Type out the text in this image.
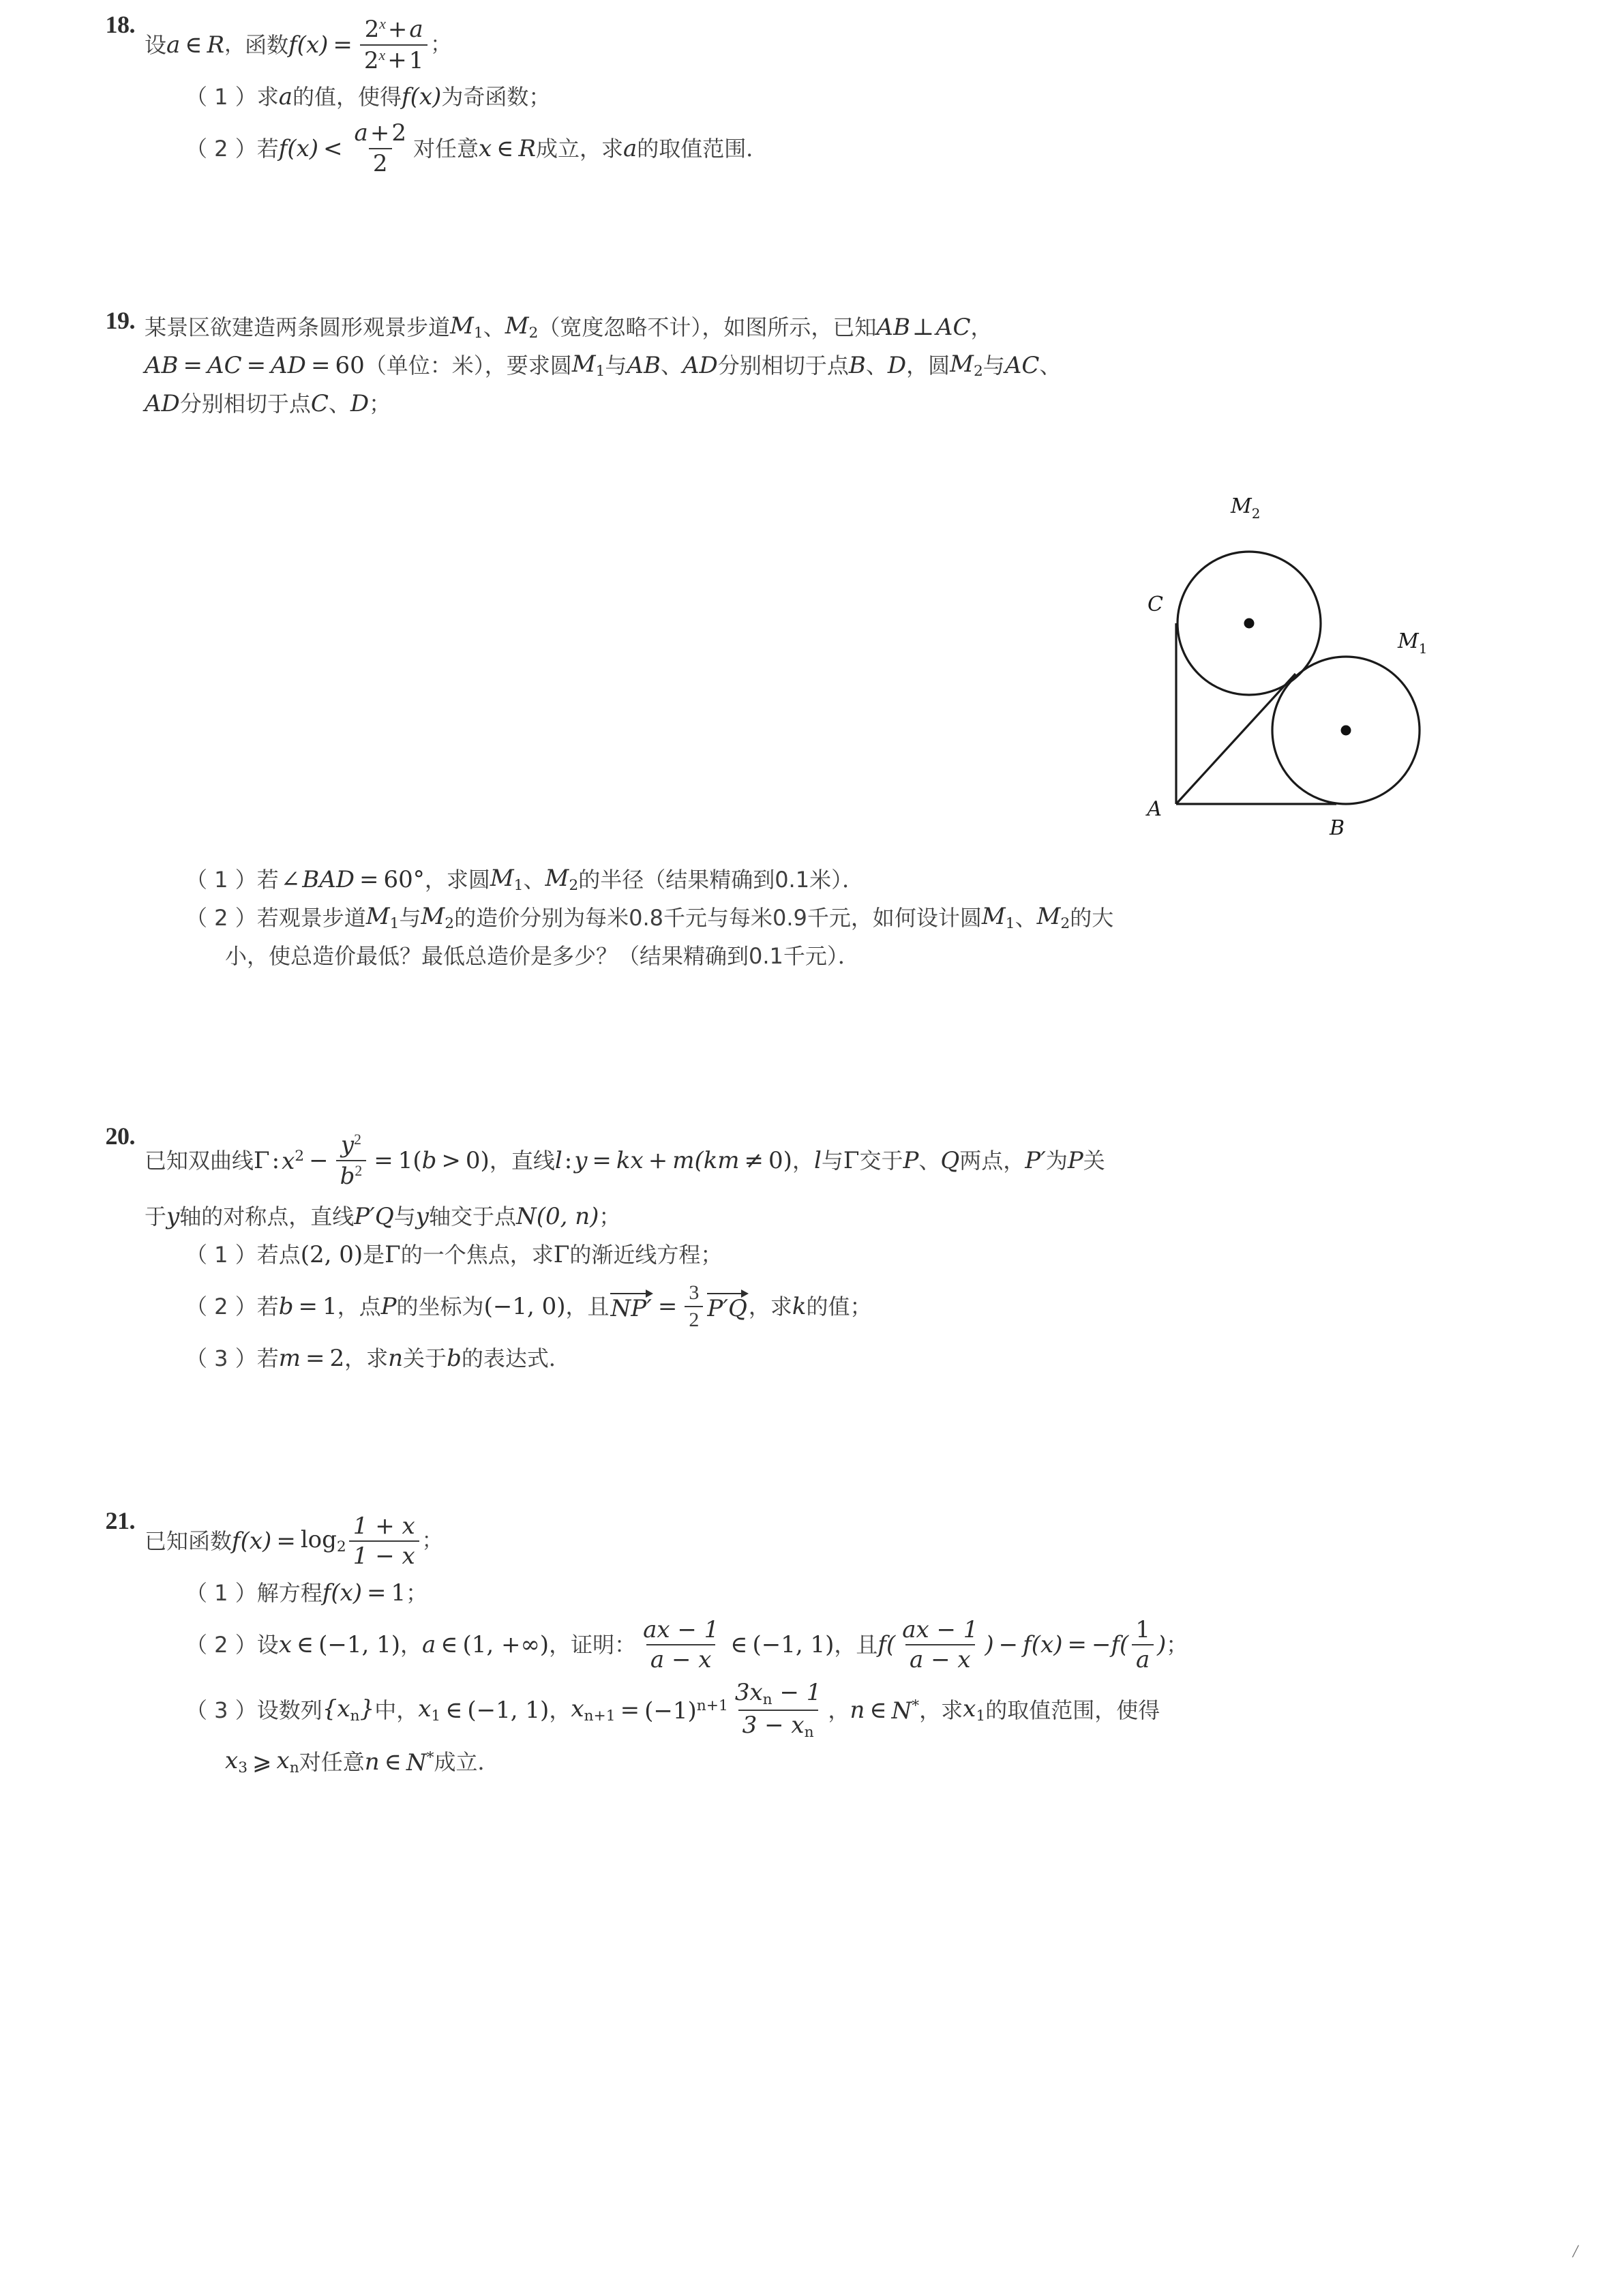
18.
设 a ∈ R ， 函数 $f(x) = \frac{2^x+a}{2^x+1}$ ；
（ 1 ） 求 a 的值，使得 f(x) 为奇函数；
（ 2 ） 若 $f(x) < \frac{a+2}{2}$ 对任意 x ∈ R 成立，求 a 的取值范围．
19. 某景区欲建造两条圆形观景步道 $M_1$ 、 $M_2$ （宽度忽略不计），如图所示，已知 AB ⊥ AC ，
AB = AC = AD = 60 （单位：米），要求圆 $M_1$ 与 AB 、 AD 分别相切于点 B 、 D ，圆 $M_2$ 与 AC 、
AD 分别相切于点 C 、 D ；
A
B
C
$M_1$
$M_2$
（ 1 ） 若 ∠ BAD = 60° ，求圆 $M_1$ 、 $M_2$ 的半径（结果精确到0.1米）．
（ 2 ） 若观景步道 $M_1$ 与 $M_2$ 的造价分别为每米0.8千元与每米0.9千元，如何设计圆 $M_1$ 、 $M_2$ 的大
小，使总造价最低？最低总造价是多少？（结果精确到0.1千元）．
20.
已知双曲线 Γ : $x^2 - \frac{y^2}{b^2} = 1$( b > 0) ，直线 l : y = kx + m (km ≠ 0) ， l 与 Γ 交于 P 、 Q 两点， P′ 为 P 关
于 y 轴的对称点，直线 P′Q 与 y 轴交于点 N (0, n) ；
（ 1 ） 若点 (2, 0) 是 Γ 的一个焦点，求 Γ 的渐近线方程；
（ 2 ） 若 b = 1 ，点 P 的坐标为 (−1, 0) ，且 $NP' = \frac{3}{2} P'Q$ ，求 k 的值；
（ 3 ） 若 m = 2 ，求 n 关于 b 的表达式．
21.
已知函数 $f(x) = \log_2 \frac{1 + x}{1 - x}$ ；
（ 1 ） 解方程 f(x) = 1 ；
（ 2 ） 设 x ∈ (−1, 1) ， a ∈ (1, +∞) ，证明： $\frac{ax - 1}{a - x}$ ∈ (−1, 1) ，且 $f( \frac{ax - 1}{a - x}$ ) − $f(x) = -f( \frac{1}{a}$ ) ；
（ 3 ） 设数列 $\{x_n\}$ 中， $x_1$ ∈ (−1, 1) ， $x_{n+1} = (-1)^{n+1} \frac{3x_n - 1}{3 - x_n}$ ， n ∈ N* ，求 $x_1$ 的取值范围，使得
$x_3$ ⩾ $x_n$ 对任意 n ∈ N* 成立．
/
